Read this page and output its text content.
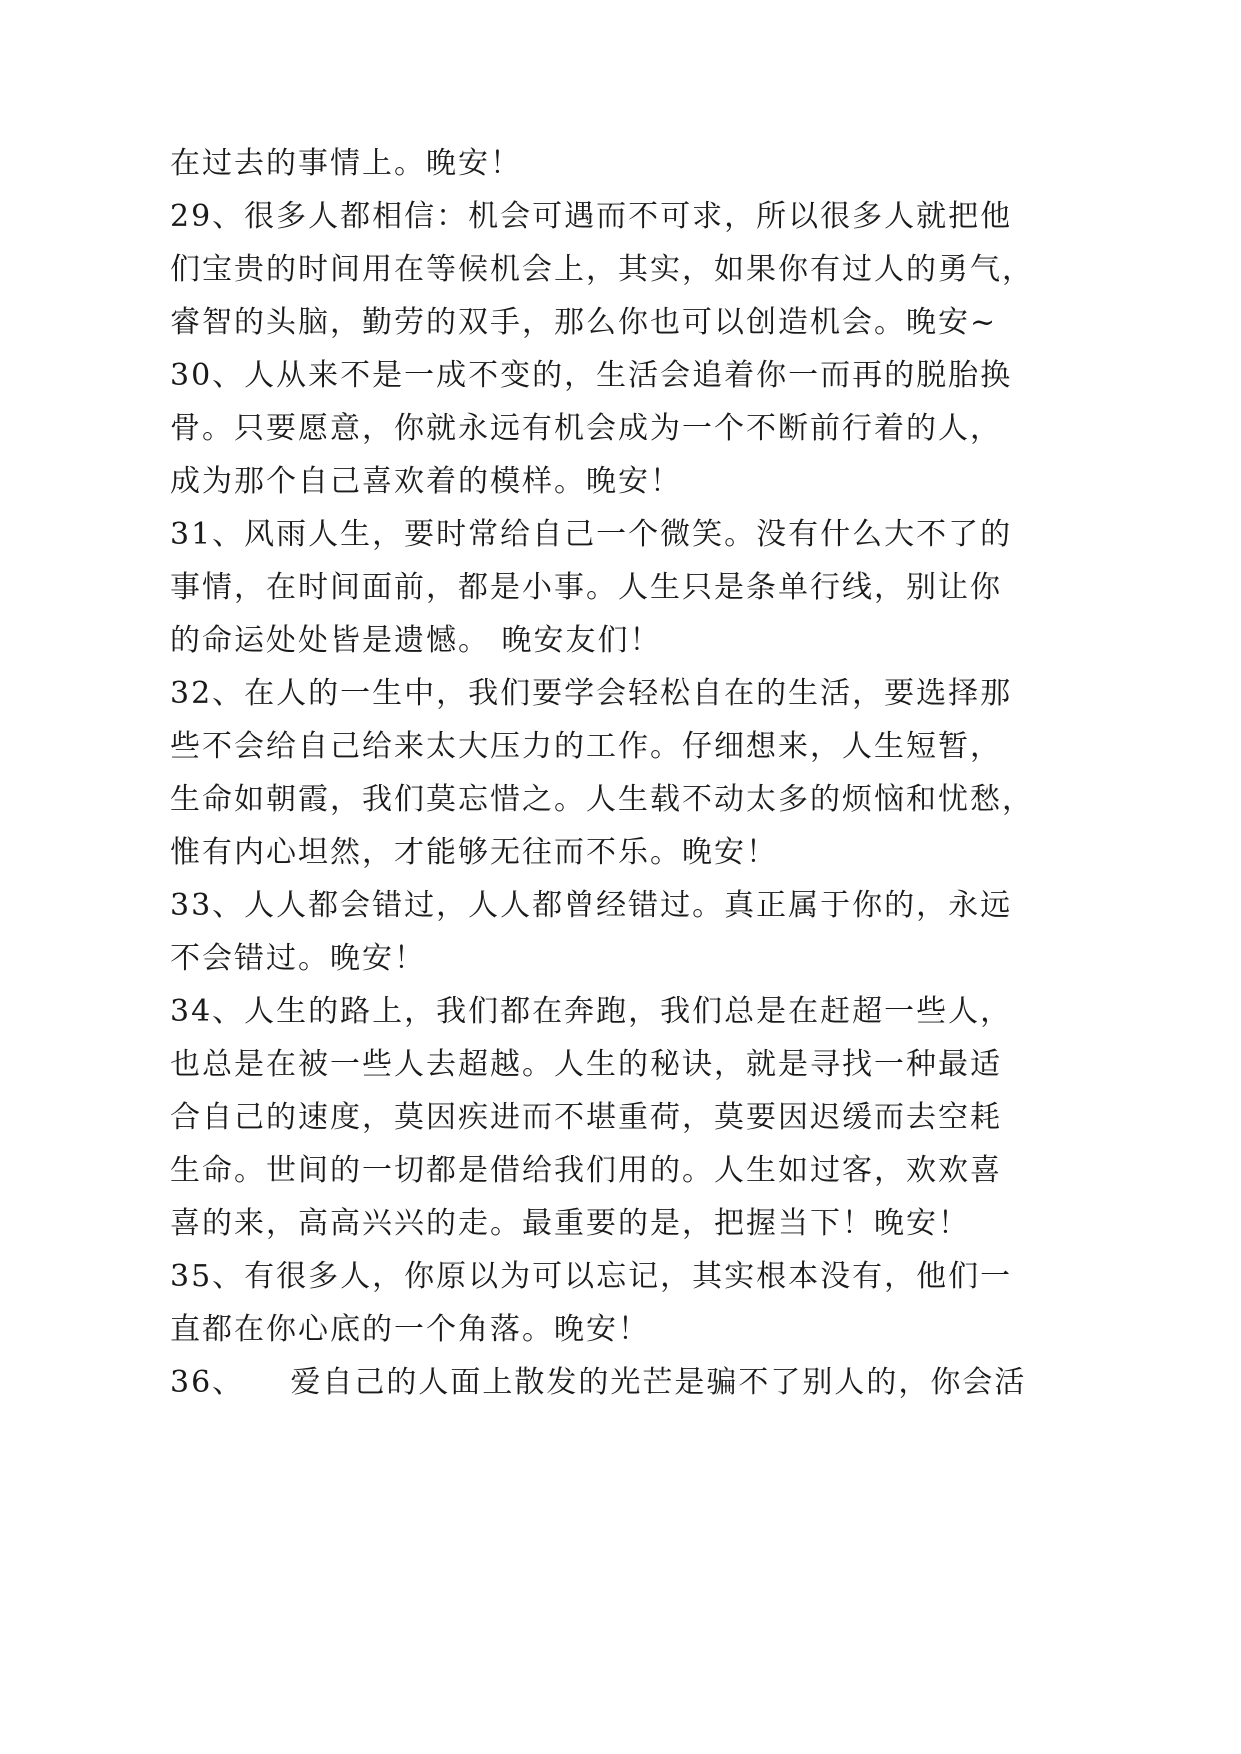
在过去的事情上。晚安！
29、很多人都相信：机会可遇而不可求，所以很多人就把他
们宝贵的时间用在等候机会上，其实，如果你有过人的勇气，
睿智的头脑，勤劳的双手，那么你也可以创造机会。晚安~
30、人从来不是一成不变的，生活会追着你一而再的脱胎换
骨。只要愿意，你就永远有机会成为一个不断前行着的人，
成为那个自己喜欢着的模样。晚安！
31、风雨人生，要时常给自己一个微笑。没有什么大不了的
事情，在时间面前，都是小事。人生只是条单行线，别让你
的命运处处皆是遗憾。 晚安友们！
32、在人的一生中，我们要学会轻松自在的生活，要选择那
些不会给自己给来太大压力的工作。仔细想来，人生短暂，
生命如朝霞，我们莫忘惜之。人生载不动太多的烦恼和忧愁，
惟有内心坦然，才能够无往而不乐。晚安！
33、人人都会错过，人人都曾经错过。真正属于你的，永远
不会错过。晚安！
34、人生的路上，我们都在奔跑，我们总是在赶超一些人，
也总是在被一些人去超越。人生的秘诀，就是寻找一种最适
合自己的速度，莫因疾进而不堪重荷，莫要因迟缓而去空耗
生命。世间的一切都是借给我们用的。人生如过客，欢欢喜
喜的来，高高兴兴的走。最重要的是，把握当下！晚安！
35、有很多人，你原以为可以忘记，其实根本没有，他们一
直都在你心底的一个角落。晚安！
36、    爱自己的人面上散发的光芒是骗不了别人的，你会活
